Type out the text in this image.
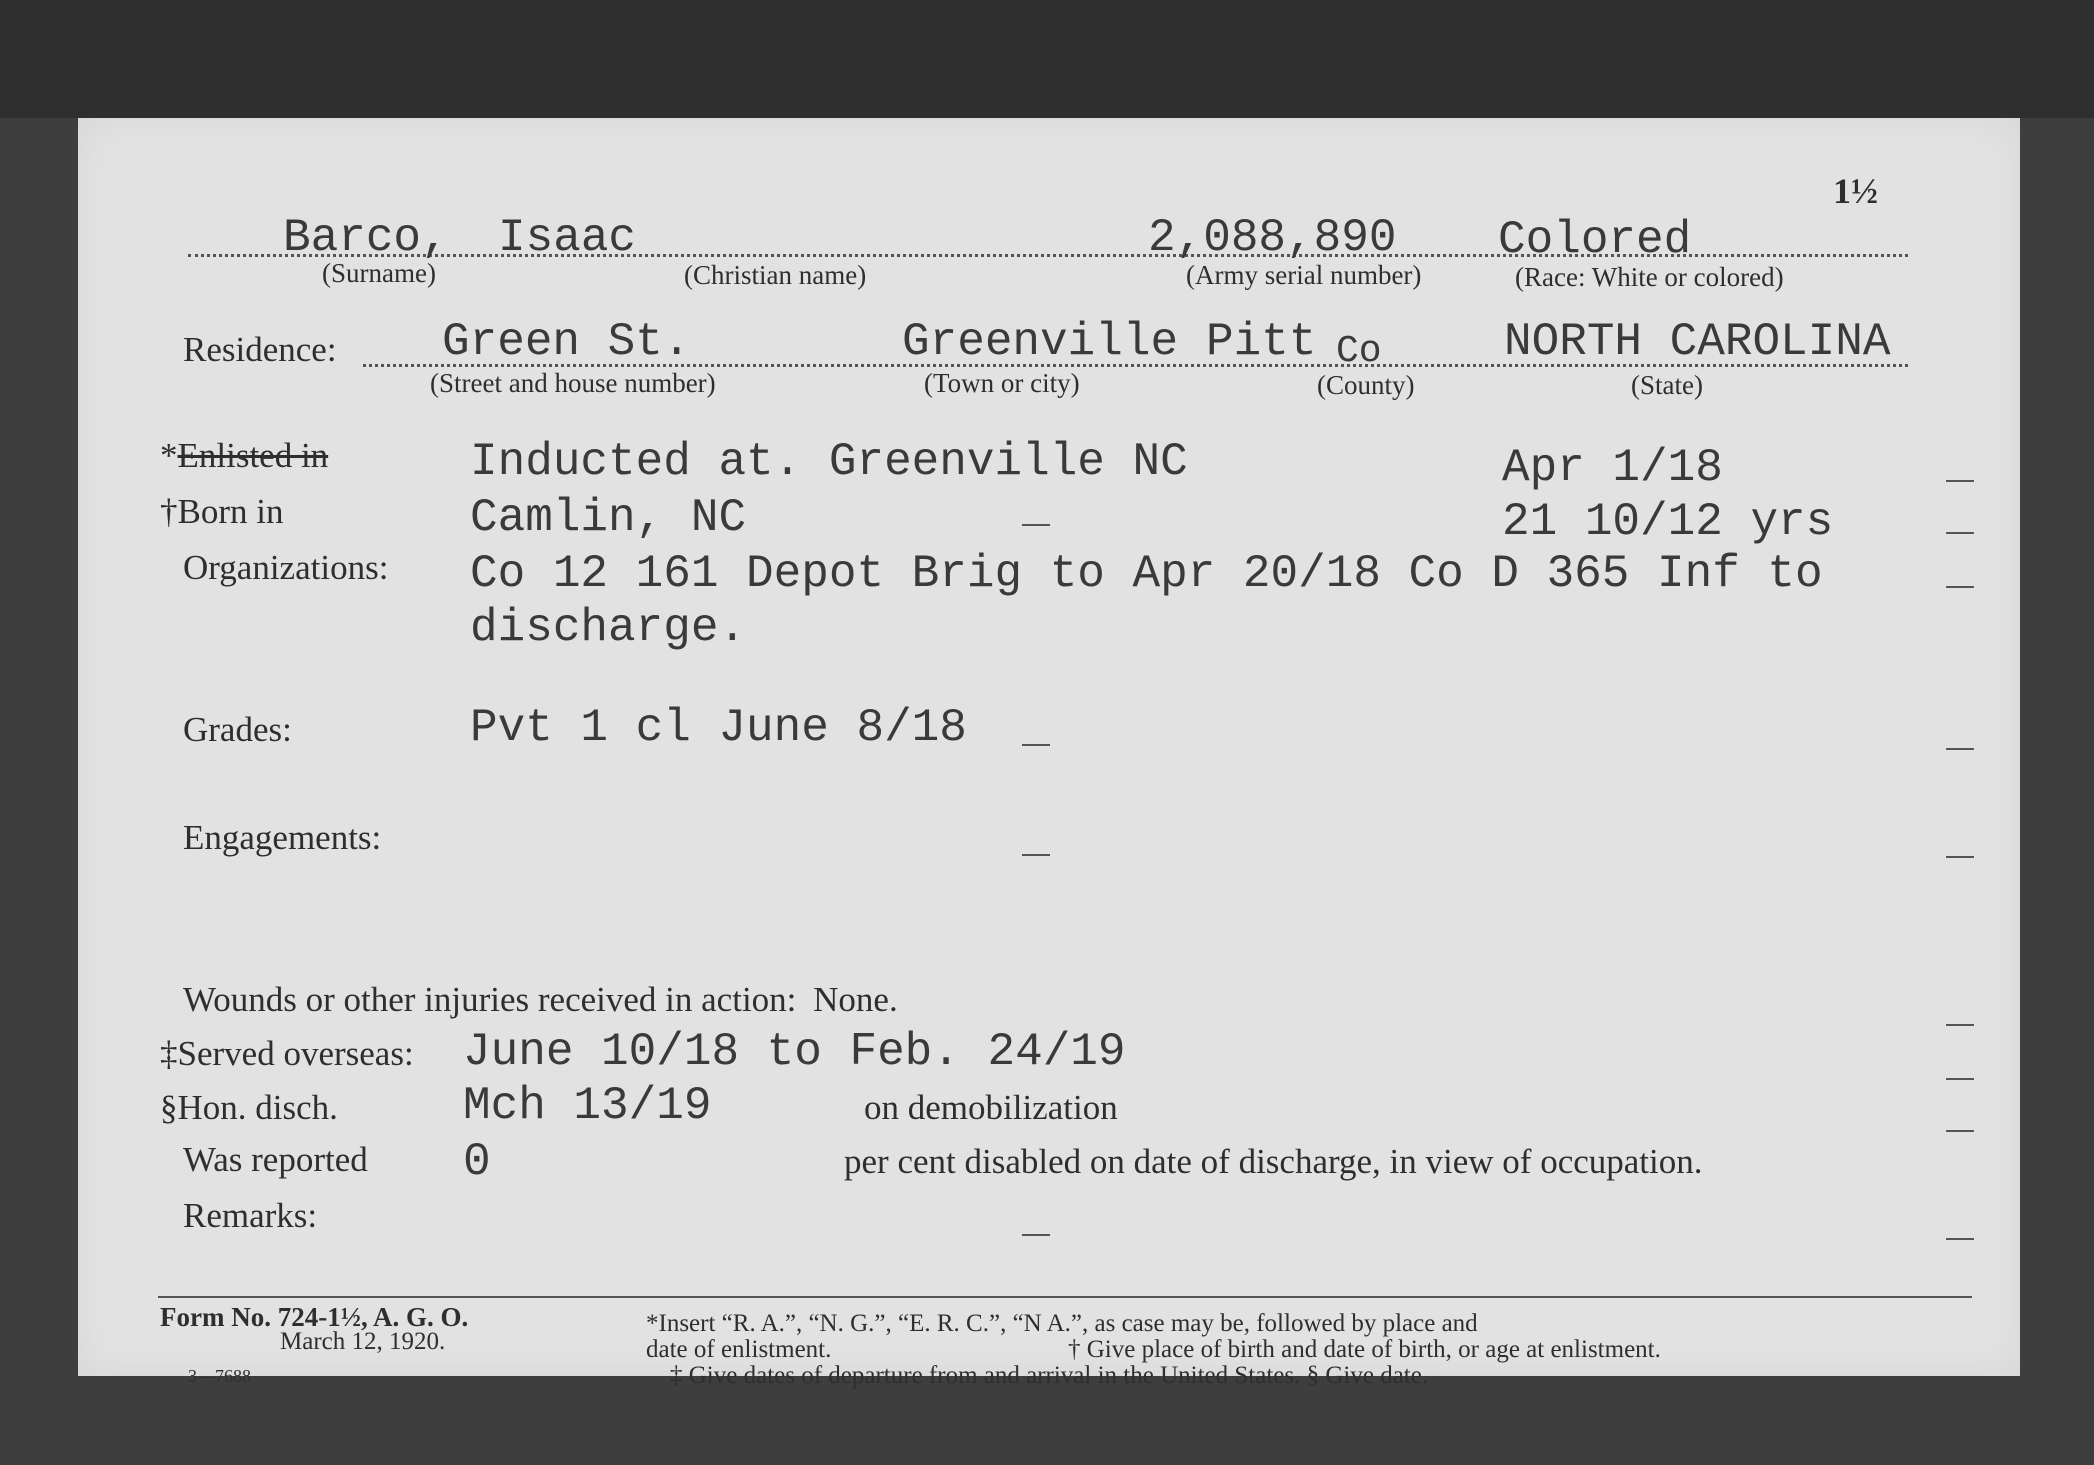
1½
Barco, Isaac	2,088,890 Colored
(Surname)	(Christian name)	(Army serial number)	(Race: White or colored)
Residence: Green St.	Greenville Pitt Co	NORTH CAROLINA
(Street and house number)	(Town or city)	(County)	(State)
*Enlisted in	Inducted at. Greenville NC	Apr 1/18
†Born in	Camlin, NC	21 10/12 yrs
Organizations: Co 12 161 Depot Brig to Apr 20/18 Co D 365 Inf to
discharge.
Grades:	Pvt 1 cl June 8/18
Engagements:
Wounds or other injuries received in action: None.
‡Served overseas: June 10/18 to Feb. 24/19
§Hon. disch.	Mch 13/19	on demobilization
Was reported 0	per cent disabled on date of discharge, in view of occupation.
Remarks:
Form No. 724-1½, A. G. O.
March 12, 1920.
3—7688
*Insert “R. A.”, “N. G.”, “E. R. C.”, “N A.”, as case may be, followed by place and
date of enlistment.	† Give place of birth and date of birth, or age at enlistment.
‡ Give dates of departure from and arrival in the United States. § Give date.
